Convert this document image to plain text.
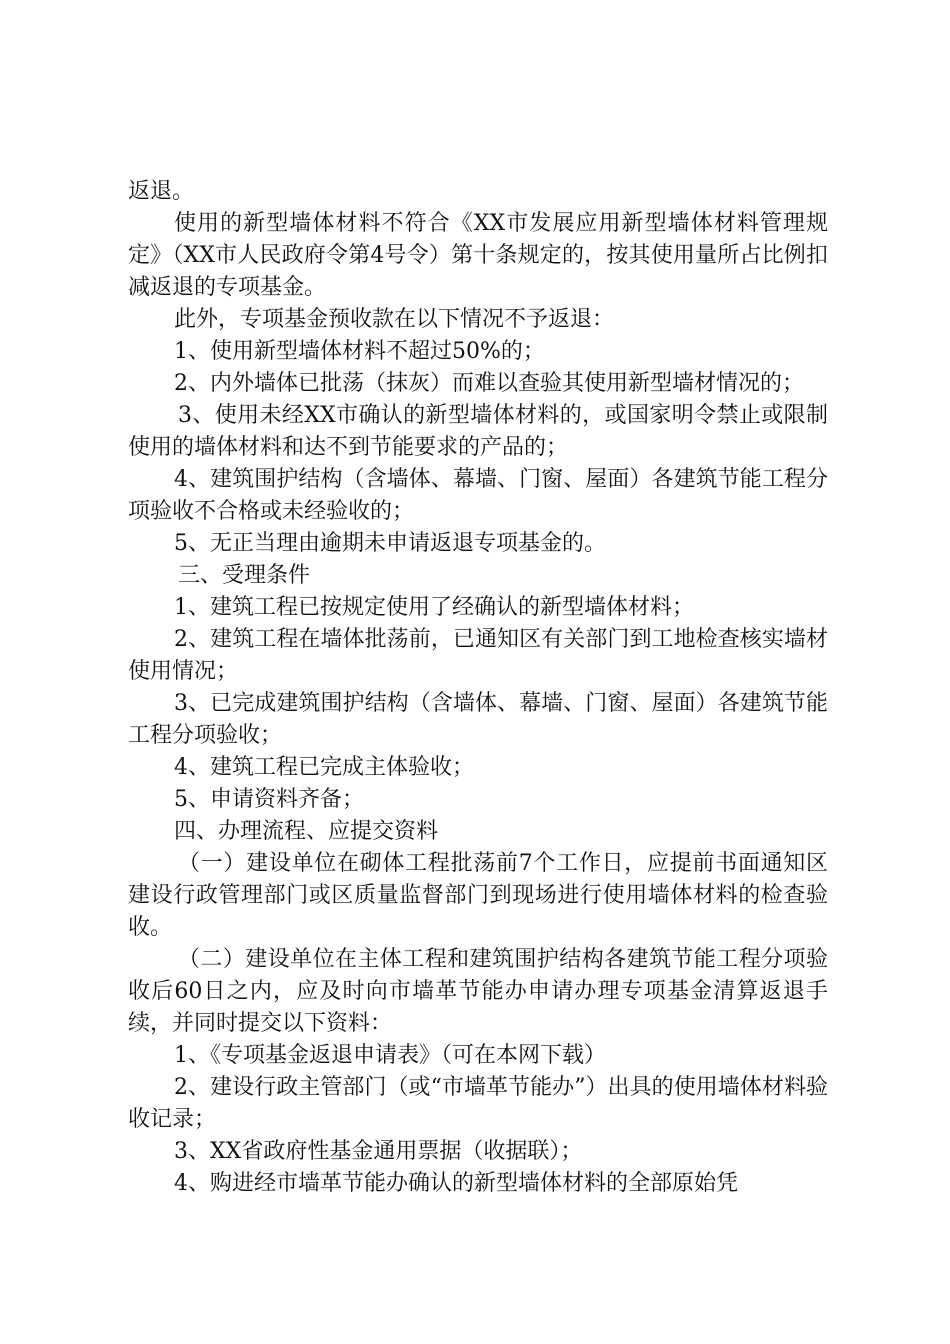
返退。

使用的新型墙体材料不符合《XX市发展应用新型墙体材料管理规定》（XX市人民政府令第4号令）第十条规定的，按其使用量所占比例扣减返退的专项基金。

此外，专项基金预收款在以下情况不予返退：

1、使用新型墙体材料不超过50%的；

2、内外墙体已批荡（抹灰）而难以查验其使用新型墙材情况的；

3、使用未经XX市确认的新型墙体材料的，或国家明令禁止或限制使用的墙体材料和达不到节能要求的产品的；

4、建筑围护结构（含墙体、幕墙、门窗、屋面）各建筑节能工程分项验收不合格或未经验收的；

5、无正当理由逾期未申请返退专项基金的。

三、受理条件

1、建筑工程已按规定使用了经确认的新型墙体材料；

2、建筑工程在墙体批荡前，已通知区有关部门到工地检查核实墙材使用情况；

3、已完成建筑围护结构（含墙体、幕墙、门窗、屋面）各建筑节能工程分项验收；

4、建筑工程已完成主体验收；

5、申请资料齐备；

四、办理流程、应提交资料

（一）建设单位在砌体工程批荡前7个工作日，应提前书面通知区建设行政管理部门或区质量监督部门到现场进行使用墙体材料的检查验收。

（二）建设单位在主体工程和建筑围护结构各建筑节能工程分项验收后60日之内，应及时向市墙革节能办申请办理专项基金清算返退手续，并同时提交以下资料：

1、《专项基金返退申请表》（可在本网下载）

2、建设行政主管部门（或“市墙革节能办”）出具的使用墙体材料验收记录；

3、XX省政府性基金通用票据（收据联）；

4、购进经市墙革节能办确认的新型墙体材料的全部原始凭
